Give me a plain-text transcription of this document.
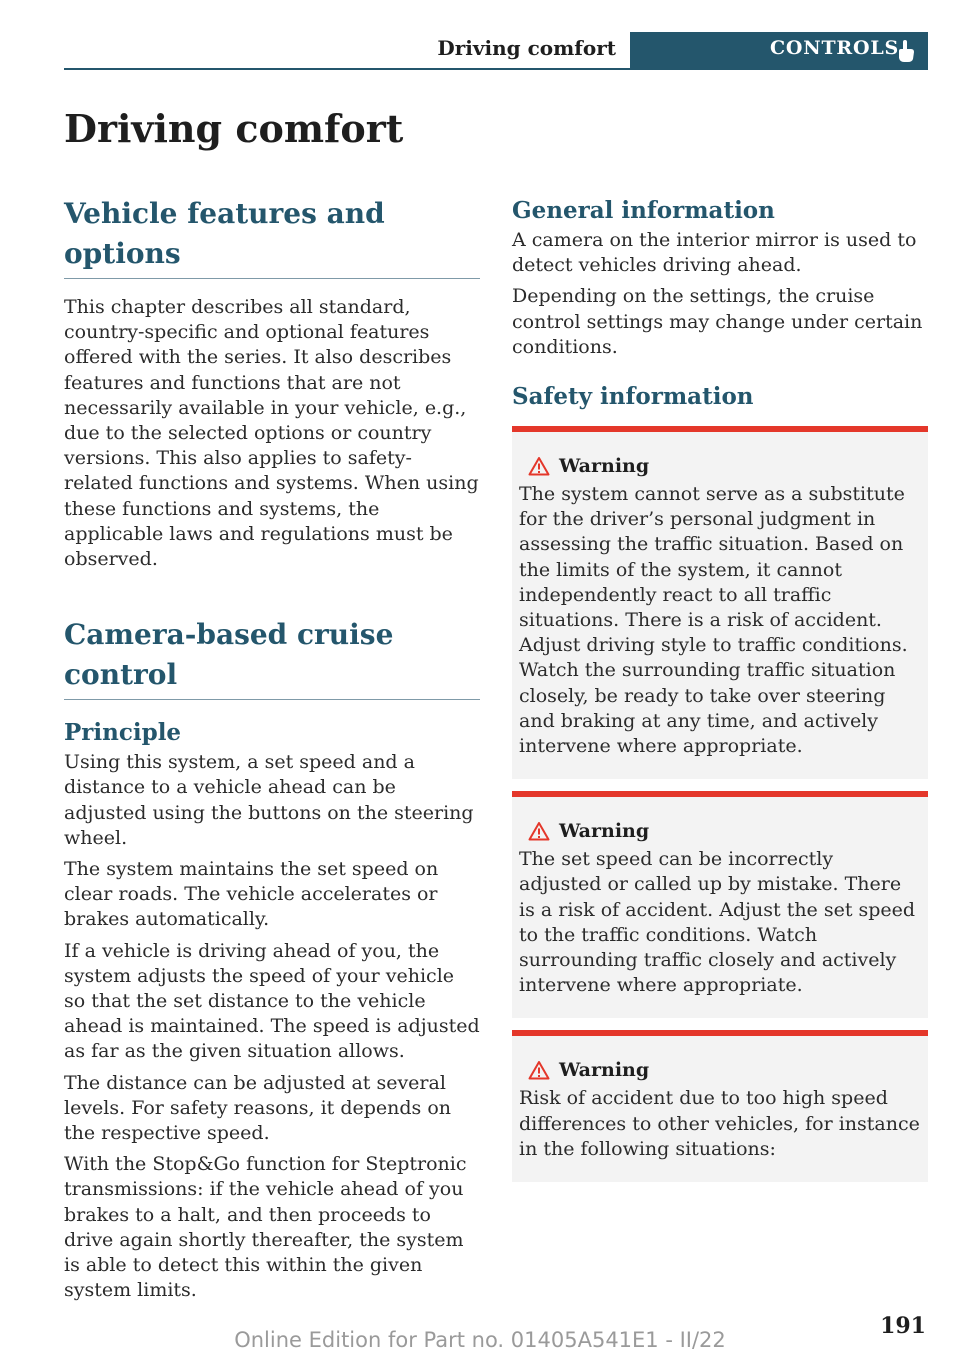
Driving comfort	CONTROLS
Driving comfort
Vehicle features and options

This chapter describes all standard, country-specific and optional features offered with the series. It also describes features and functions that are not necessarily available in your vehicle, e.g., due to the selected options or country versions. This also applies to safety-related functions and systems. When using these functions and systems, the applicable laws and regulations must be observed.

Camera-based cruise control
Principle

Using this system, a set speed and a distance to a vehicle ahead can be adjusted using the buttons on the steering wheel.

The system maintains the set speed on clear roads. The vehicle accelerates or brakes automatically.

If a vehicle is driving ahead of you, the system adjusts the speed of your vehicle so that the set distance to the vehicle ahead is maintained. The speed is adjusted as far as the given situation allows.

The distance can be adjusted at several levels. For safety reasons, it depends on the respective speed.

With the Stop&Go function for Steptronic transmissions: if the vehicle ahead of you brakes to a halt, and then proceeds to drive again shortly thereafter, the system is able to detect this within the given system limits.

General information

A camera on the interior mirror is used to detect vehicles driving ahead.

Depending on the settings, the cruise control settings may change under certain conditions.

Safety information
Warning

The system cannot serve as a substitute for the driver’s personal judgment in assessing the traffic situation. Based on the limits of the system, it cannot independently react to all traffic situations. There is a risk of accident. Adjust driving style to traffic conditions. Watch the surrounding traffic situation closely, be ready to take over steering and braking at any time, and actively intervene where appropriate.

Warning

The set speed can be incorrectly adjusted or called up by mistake. There is a risk of accident. Adjust the set speed to the traffic conditions. Watch surrounding traffic closely and actively intervene where appropriate.

Warning

Risk of accident due to too high speed differences to other vehicles, for instance in the following situations:

191
Online Edition for Part no. 01405A541E1 - II/22
